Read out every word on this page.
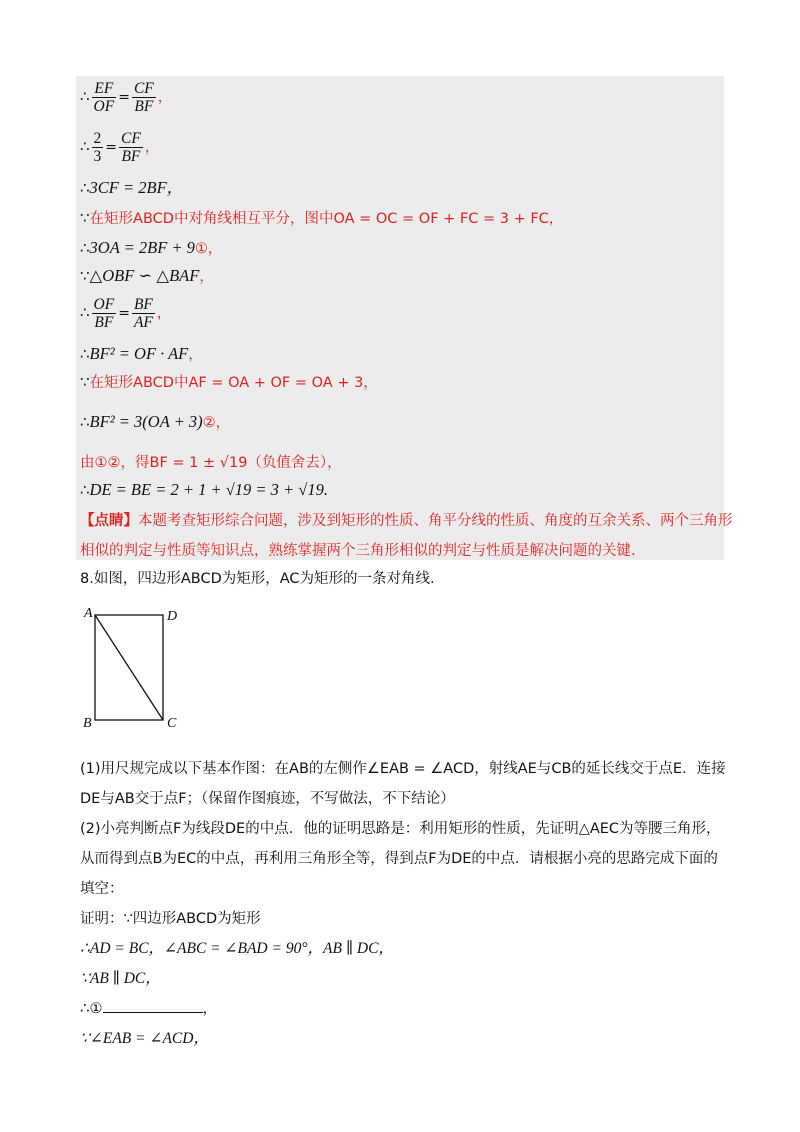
∴ $\frac{EF}{OF} = \frac{CF}{BF}$ ，
∴ $\frac{2}{3} = \frac{CF}{BF}$ ，
∴3CF = 2BF，
∵在矩形ABCD中对角线相互平分，图中OA = OC = OF + FC = 3 + FC，
∴3OA = 2BF + 9①，
∵△OBF ∽ △BAF，
∴ $\frac{OF}{BF} = \frac{BF}{AF}$ ，
∴BF² = OF · AF，
∵在矩形ABCD中AF = OA + OF = OA + 3，
∴BF² = 3(OA + 3)②，
由①②，得BF = 1 ± √19（负值舍去），
∴DE = BE = 2 + 1 + √19 = 3 + √19.
【点睛】本题考查矩形综合问题，涉及到矩形的性质、角平分线的性质、角度的互余关系、两个三角形
相似的判定与性质等知识点，熟练掌握两个三角形相似的判定与性质是解决问题的关键.
8.如图，四边形ABCD为矩形，AC为矩形的一条对角线.
A	D
B	C
(1)用尺规完成以下基本作图：在AB的左侧作∠EAB = ∠ACD，射线AE与CB的延长线交于点E．连接
DE与AB交于点F；（保留作图痕迹，不写做法，不下结论）
(2)小亮判断点F为线段DE的中点．他的证明思路是：利用矩形的性质，先证明△AEC为等腰三角形，
从而得到点B为EC的中点，再利用三角形全等，得到点F为DE的中点．请根据小亮的思路完成下面的
填空：
证明：∵四边形ABCD为矩形
∴AD = BC，∠ABC = ∠BAD = 90°，AB ∥ DC，
∵AB ∥ DC，
∴①	，
∵∠EAB = ∠ACD，
